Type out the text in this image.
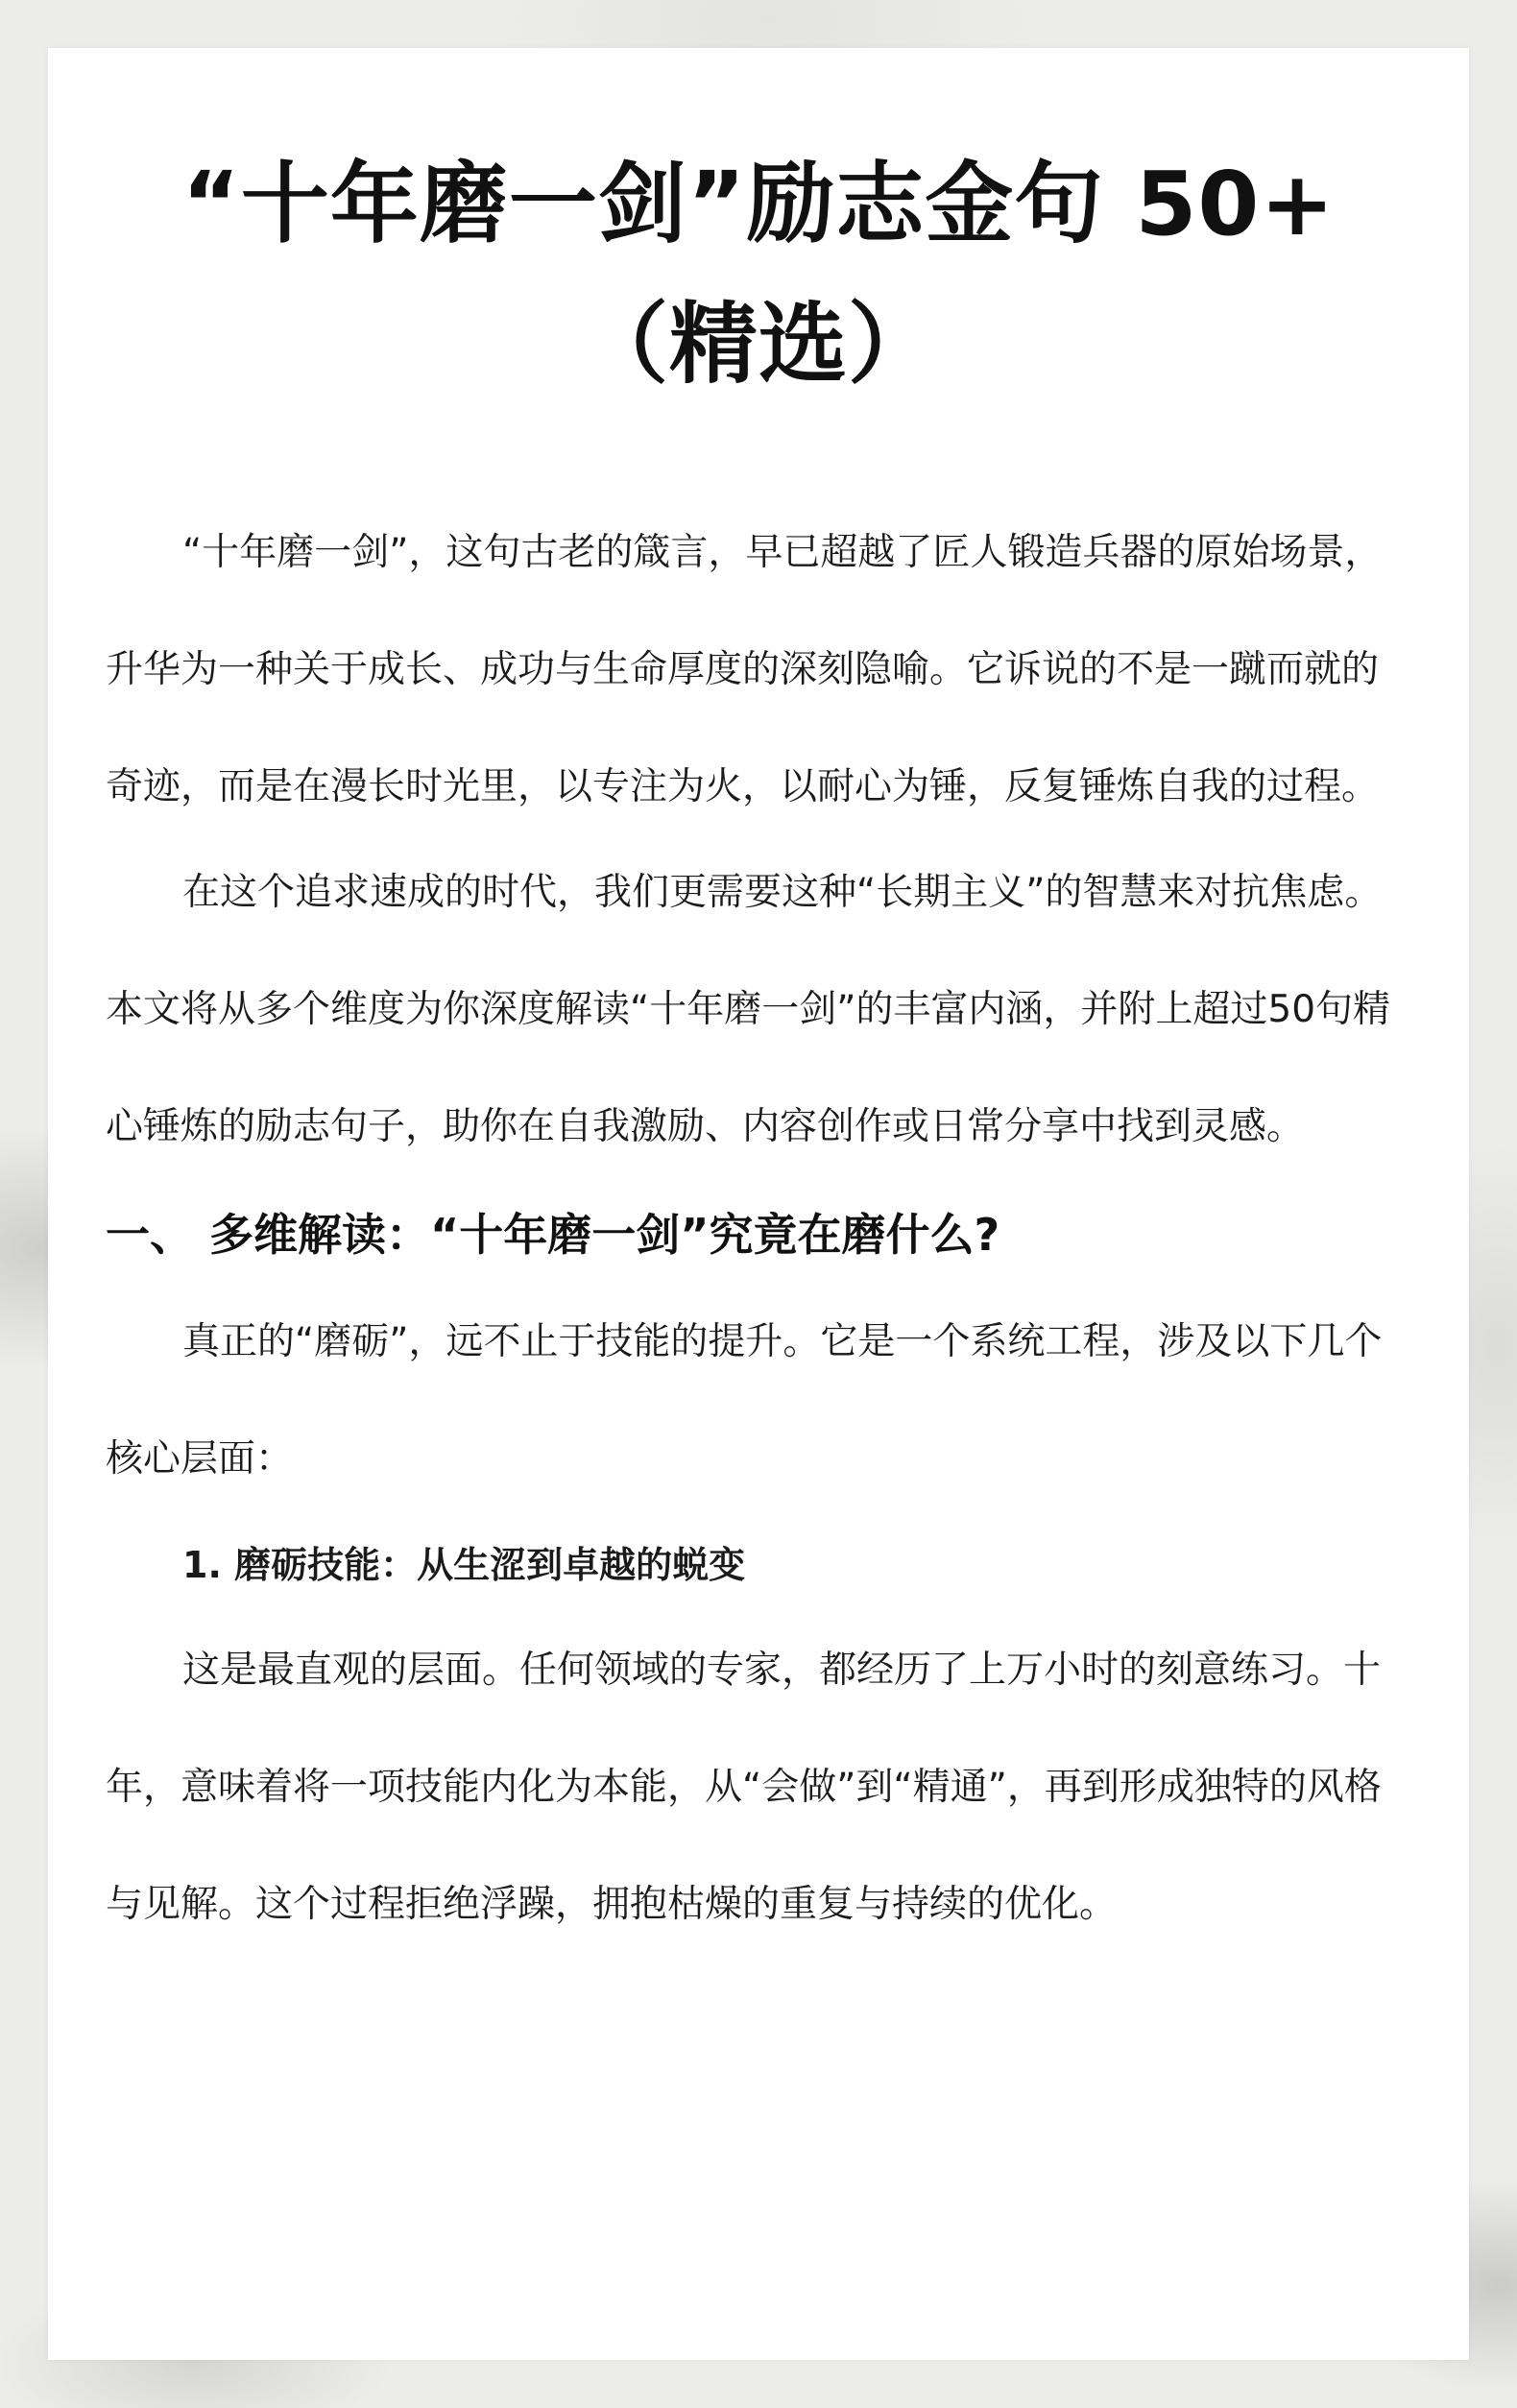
“十年磨一剑”励志金句 50+（精选）

“十年磨一剑”，这句古老的箴言，早已超越了匠人锻造兵器的原始场景，升华为一种关于成长、成功与生命厚度的深刻隐喻。它诉说的不是一蹴而就的奇迹，而是在漫长时光里，以专注为火，以耐心为锤，反复锤炼自我的过程。

在这个追求速成的时代，我们更需要这种“长期主义”的智慧来对抗焦虑。本文将从多个维度为你深度解读“十年磨一剑”的丰富内涵，并附上超过50句精心锤炼的励志句子，助你在自我激励、内容创作或日常分享中找到灵感。

一、 多维解读：“十年磨一剑”究竟在磨什么?

真正的“磨砺”，远不止于技能的提升。它是一个系统工程，涉及以下几个核心层面：

1. 磨砺技能：从生涩到卓越的蜕变

这是最直观的层面。任何领域的专家，都经历了上万小时的刻意练习。十年，意味着将一项技能内化为本能，从“会做”到“精通”，再到形成独特的风格与见解。这个过程拒绝浮躁，拥抱枯燥的重复与持续的优化。
